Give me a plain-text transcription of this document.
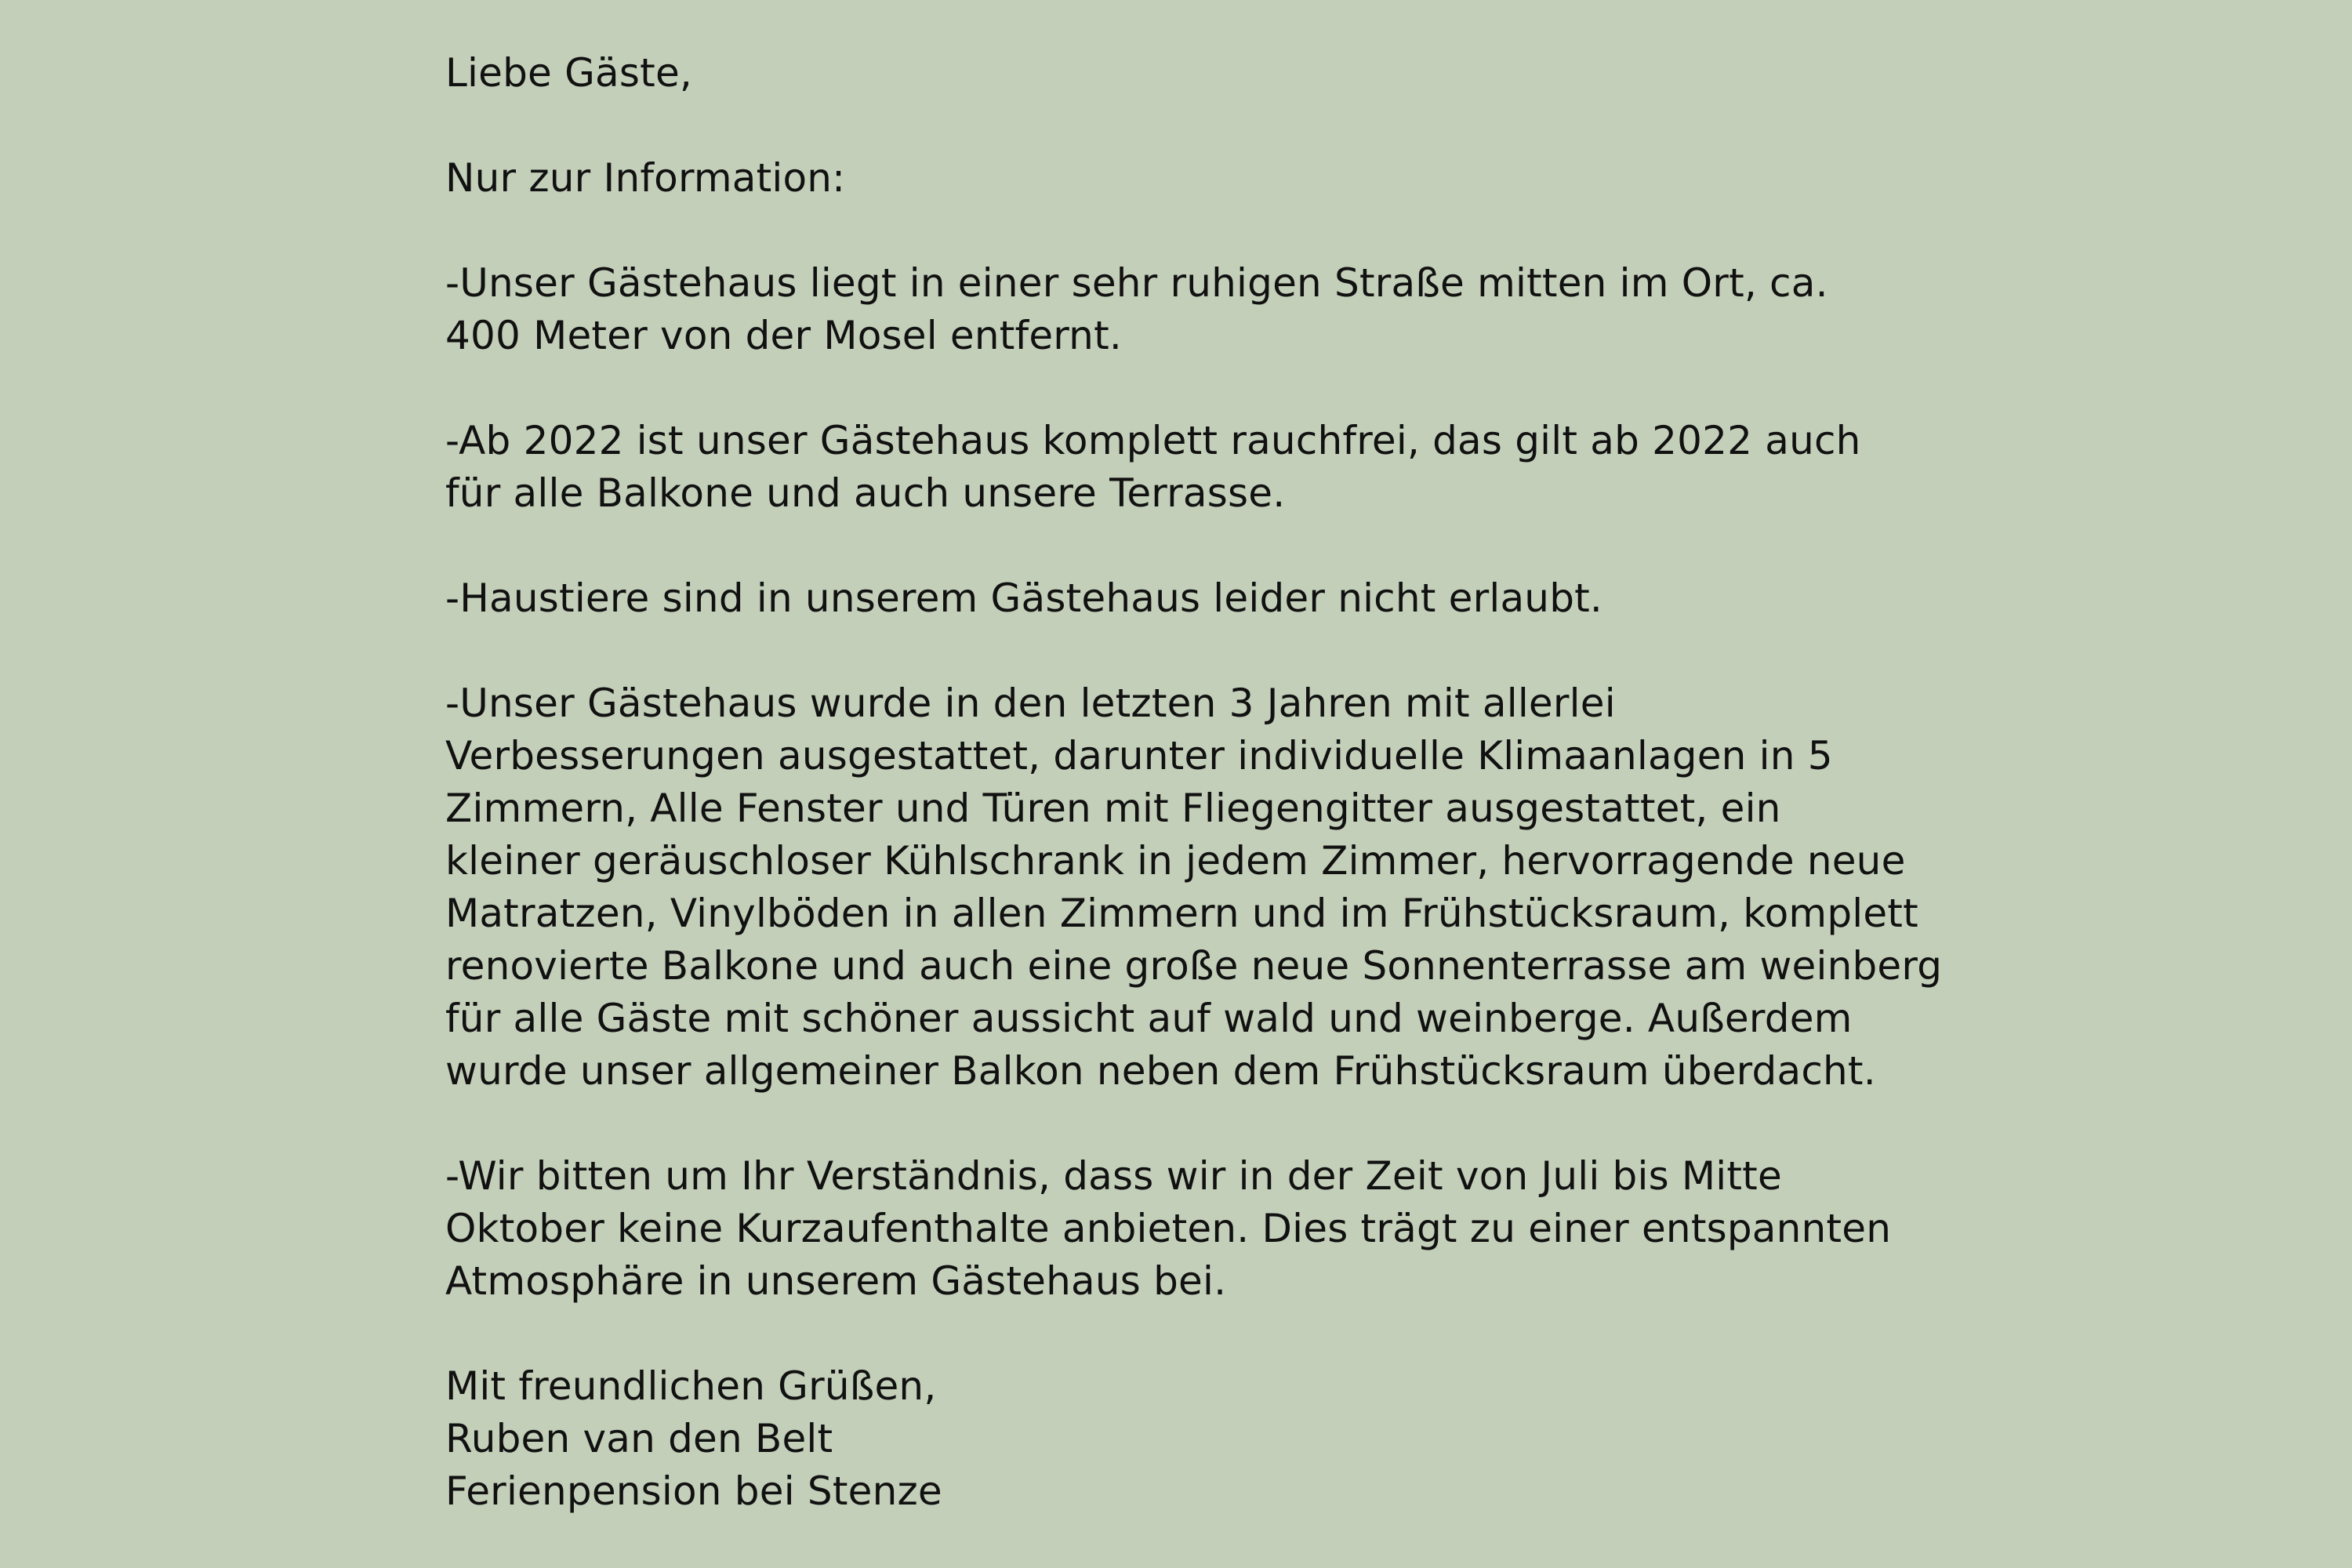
Liebe Gäste,

Nur zur Information:

-Unser Gästehaus liegt in einer sehr ruhigen Straße mitten im Ort, ca.
400 Meter von der Mosel entfernt.

-Ab 2022 ist unser Gästehaus komplett rauchfrei, das gilt ab 2022 auch
für alle Balkone und auch unsere Terrasse.

-Haustiere sind in unserem Gästehaus leider nicht erlaubt.

-Unser Gästehaus wurde in den letzten 3 Jahren mit allerlei
Verbesserungen ausgestattet, darunter individuelle Klimaanlagen in 5
Zimmern, Alle Fenster und Türen mit Fliegengitter ausgestattet, ein
kleiner geräuschloser Kühlschrank in jedem Zimmer, hervorragende neue
Matratzen, Vinylböden in allen Zimmern und im Frühstücksraum, komplett
renovierte Balkone und auch eine große neue Sonnenterrasse am weinberg
für alle Gäste mit schöner aussicht auf wald und weinberge. Außerdem
wurde unser allgemeiner Balkon neben dem Frühstücksraum überdacht.

-Wir bitten um Ihr Verständnis, dass wir in der Zeit von Juli bis Mitte
Oktober keine Kurzaufenthalte anbieten. Dies trägt zu einer entspannten
Atmosphäre in unserem Gästehaus bei.

Mit freundlichen Grüßen,
Ruben van den Belt
Ferienpension bei Stenze
